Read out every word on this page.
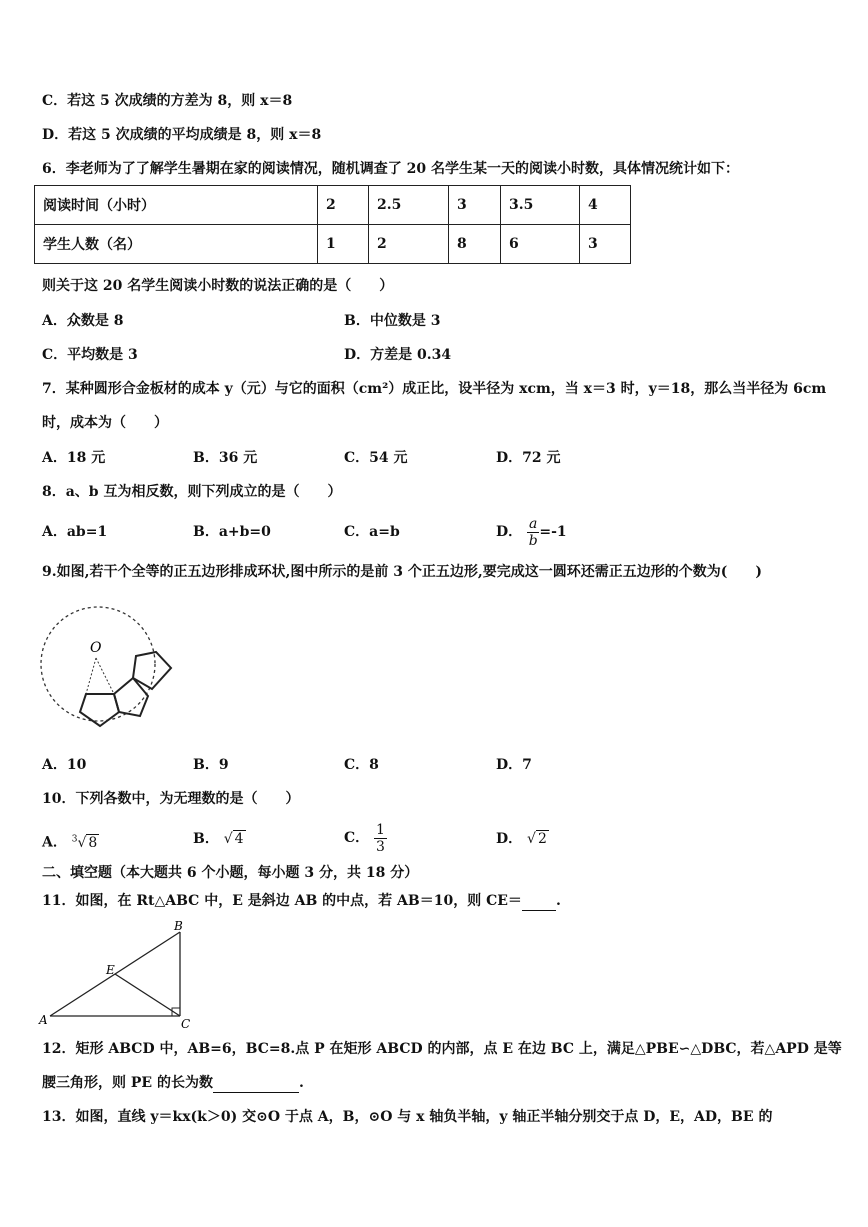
C．若这 5 次成绩的方差为 8，则 x＝8
D．若这 5 次成绩的平均成绩是 8，则 x＝8
6．李老师为了了解学生暑期在家的阅读情况，随机调查了 20 名学生某一天的阅读小时数，具体情况统计如下：
阅读时间（小时）	2	2.5	3	3.5	4
学生人数（名）	1	2	8	6	3
则关于这 20 名学生阅读小时数的说法正确的是（　　）
A．众数是 8	B．中位数是 3
C．平均数是 3	D．方差是 0.34
7．某种圆形合金板材的成本 y（元）与它的面积（cm²）成正比，设半径为 xcm，当 x＝3 时，y＝18，那么当半径为 6cm
时，成本为（　　）
A．18 元	B．36 元	C．54 元	D．72 元
8．a、b 互为相反数，则下列成立的是（　　）
A．ab=1	B．a+b=0	C．a=b	D． $\frac{a}{b} =-1$
9.如图,若干个全等的正五边形排成环状,图中所示的是前 3 个正五边形,要完成这一圆环还需正五边形的个数为(　　)
O
A．10	B．9	C．8	D．7
10．下列各数中，为无理数的是（　　）
A． $^3$√ 8	B． √ 4	C． $\frac{1}{3}$	D． √ 2
二、填空题（本大题共 6 个小题，每小题 3 分，共 18 分）
11．如图，在 Rt△ABC 中，E 是斜边 AB 的中点，若 AB＝10，则 CE＝ .
A
B
C
E
12．矩形 ABCD 中，AB=6，BC=8.点 P 在矩形 ABCD 的内部，点 E 在边 BC 上，满足△PBE∽△DBC，若△APD 是等
腰三角形，则 PE 的长为数	.
13．如图，直线 y＝kx(k＞0) 交⊙O 于点 A，B，⊙O 与 x 轴负半轴，y 轴正半轴分别交于点 D，E，AD，BE 的
